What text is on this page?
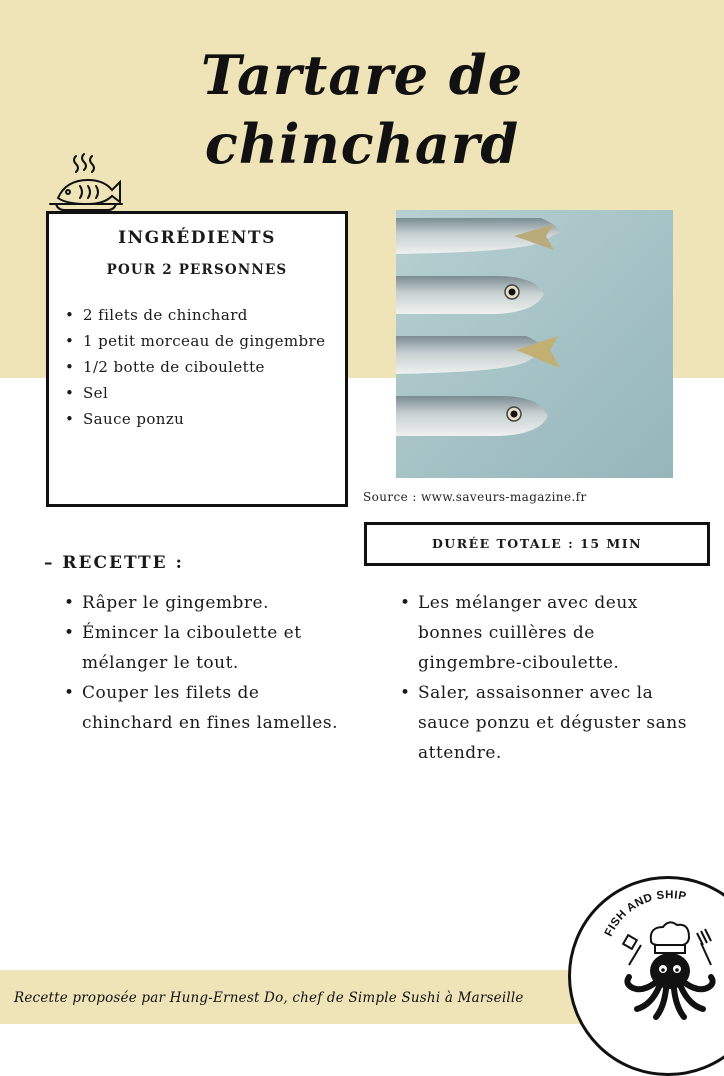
Tartare de
chinchard
INGRÉDIENTS
POUR 2 PERSONNES
• 2 filets de chinchard
• 1 petit morceau de gingembre
• 1/2 botte de ciboulette
• Sel
• Sauce ponzu
Source : www.saveurs-magazine.fr
DURÉE TOTALE : 15 MIN
– RECETTE :
• Râper le gingembre.
• Émincer la ciboulette et mélanger le tout.
• Couper les filets de chinchard en fines lamelles.
• Les mélanger avec deux bonnes cuillères de gingembre-ciboulette.
• Saler, assaisonner avec la sauce ponzu et déguster sans attendre.
Recette proposée par Hung-Ernest Do, chef de Simple Sushi à Marseille
FISH AND SHIP
